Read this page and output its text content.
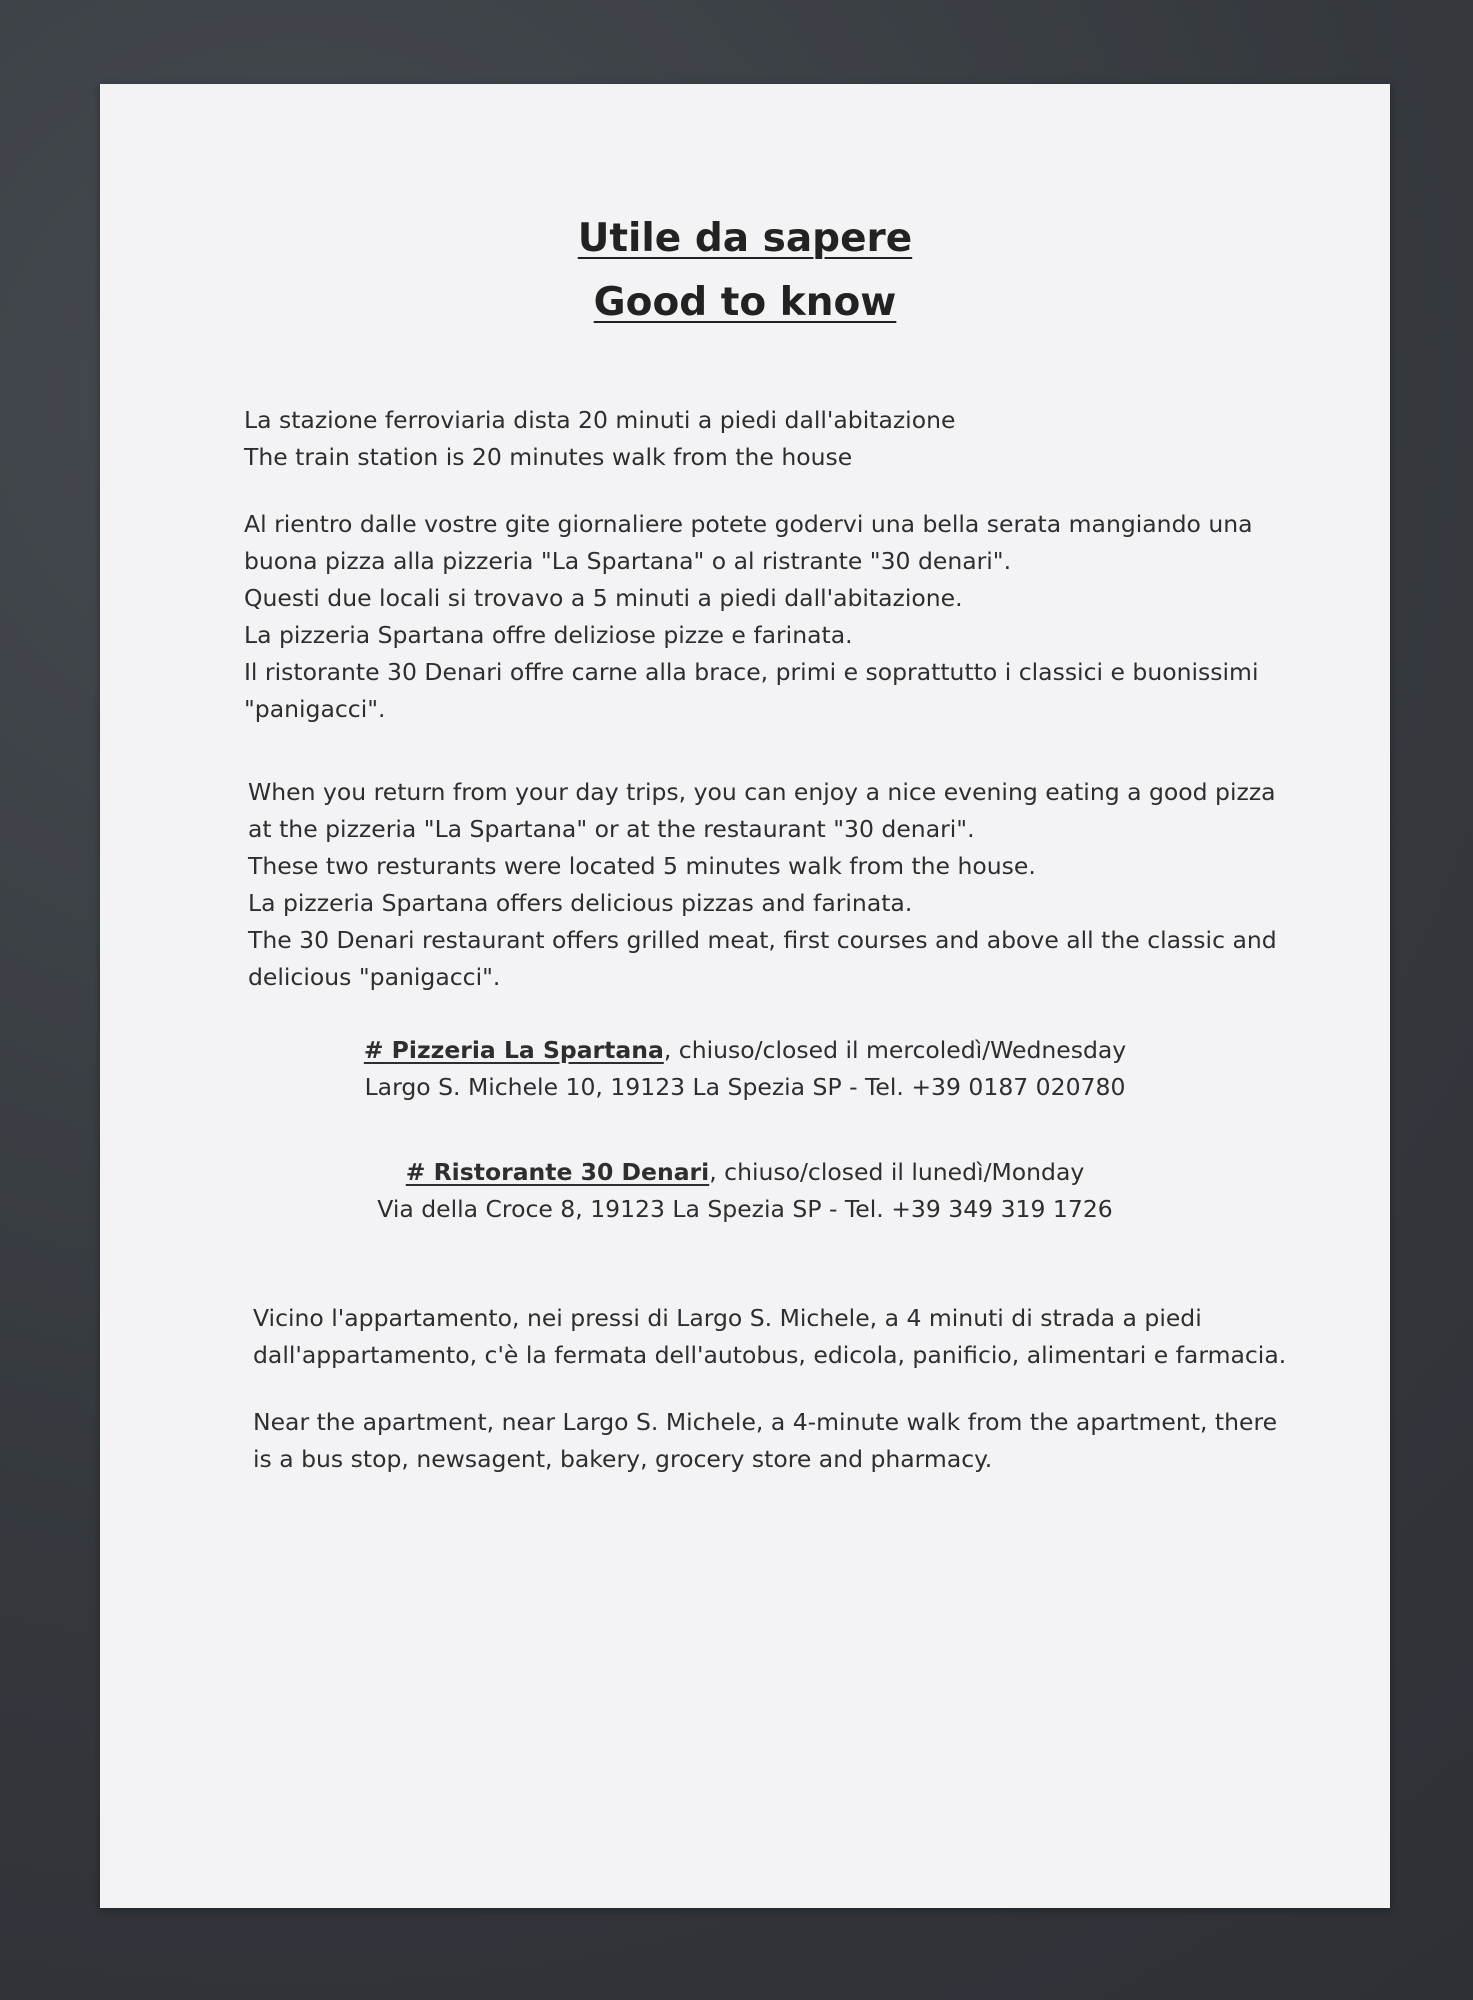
Utile da sapere
Good to know
La stazione ferroviaria dista 20 minuti a piedi dall'abitazione
The train station is 20 minutes walk from the house
Al rientro dalle vostre gite giornaliere potete godervi una bella serata mangiando una
buona pizza alla pizzeria "La Spartana" o al ristrante "30 denari".
Questi due locali si trovavo a 5 minuti a piedi dall'abitazione.
La pizzeria Spartana offre deliziose pizze e farinata.
Il ristorante 30 Denari offre carne alla brace, primi e soprattutto i classici e buonissimi
"panigacci".
When you return from your day trips, you can enjoy a nice evening eating a good pizza
at the pizzeria "La Spartana" or at the restaurant "30 denari".
These two resturants were located 5 minutes walk from the house.
La pizzeria Spartana offers delicious pizzas and farinata.
The 30 Denari restaurant offers grilled meat, first courses and above all the classic and
delicious "panigacci".
# Pizzeria La Spartana, chiuso/closed il mercoledì/Wednesday
Largo S. Michele 10, 19123 La Spezia SP - Tel. +39 0187 020780
# Ristorante 30 Denari, chiuso/closed il lunedì/Monday
Via della Croce 8, 19123 La Spezia SP - Tel. +39 349 319 1726
Vicino l'appartamento, nei pressi di Largo S. Michele, a 4 minuti di strada a piedi
dall'appartamento, c'è la fermata dell'autobus, edicola, panificio, alimentari e farmacia.
Near the apartment, near Largo S. Michele, a 4-minute walk from the apartment, there
is a bus stop, newsagent, bakery, grocery store and pharmacy.
